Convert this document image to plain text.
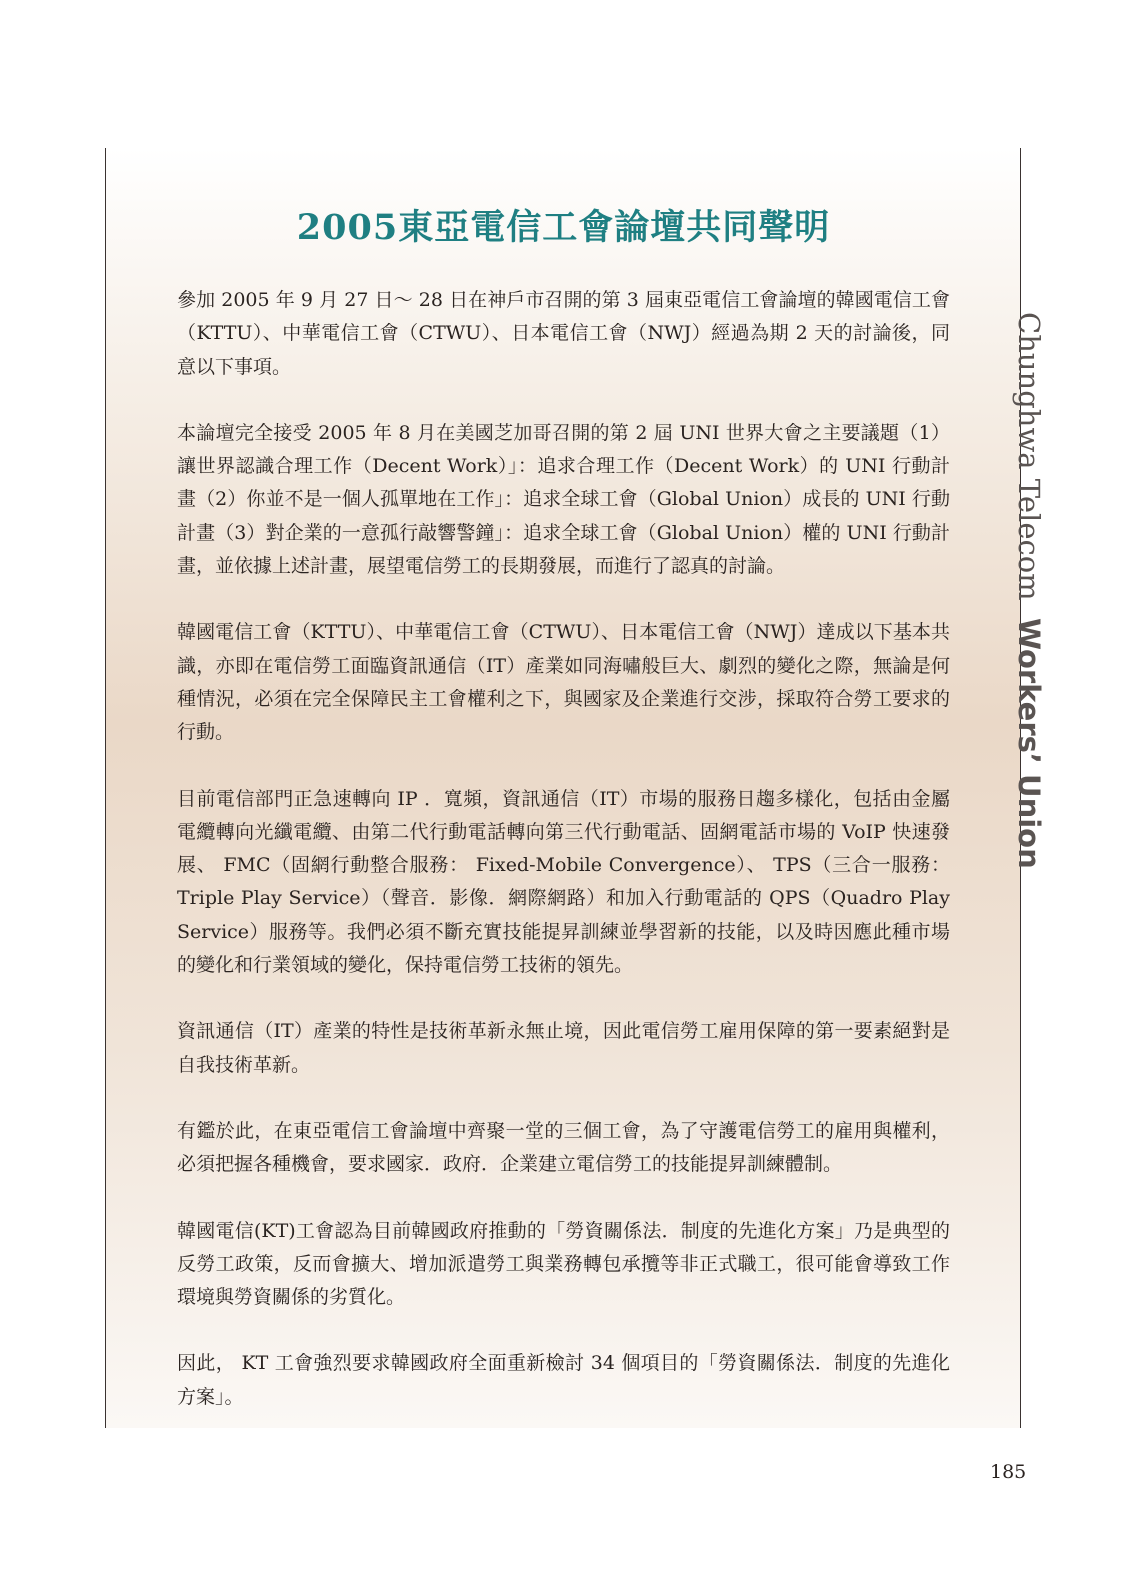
2005東亞電信工會論壇共同聲明

參加 2005 年 9 月 27 日～ 28 日在神戶市召開的第 3 屆東亞電信工會論壇的韓國電信工會（KTTU）、中華電信工會（CTWU）、日本電信工會（NWJ）經過為期 2 天的討論後，同意以下事項。

本論壇完全接受 2005 年 8 月在美國芝加哥召開的第 2 屆 UNI 世界大會之主要議題（1）讓世界認識合理工作（Decent Work）」：追求合理工作（Decent Work）的 UNI 行動計畫（2）你並不是一個人孤單地在工作」：追求全球工會（Global Union）成長的 UNI 行動計畫（3）對企業的一意孤行敲響警鐘」：追求全球工會（Global Union）權的 UNI 行動計畫，並依據上述計畫，展望電信勞工的長期發展，而進行了認真的討論。

韓國電信工會（KTTU）、中華電信工會（CTWU）、日本電信工會（NWJ）達成以下基本共識，亦即在電信勞工面臨資訊通信（IT）產業如同海嘯般巨大、劇烈的變化之際，無論是何種情況，必須在完全保障民主工會權利之下，與國家及企業進行交涉，採取符合勞工要求的行動。

目前電信部門正急速轉向 IP ．寬頻，資訊通信（IT）市場的服務日趨多樣化，包括由金屬電纜轉向光纖電纜、由第二代行動電話轉向第三代行動電話、固網電話市場的 VoIP 快速發展、 FMC（固網行動整合服務： Fixed-Mobile Convergence）、 TPS（三合一服務： Triple Play Service）（聲音．影像．網際網路）和加入行動電話的 QPS（Quadro Play Service）服務等。我們必須不斷充實技能提昇訓練並學習新的技能，以及時因應此種市場的變化和行業領域的變化，保持電信勞工技術的領先。

資訊通信（IT）產業的特性是技術革新永無止境，因此電信勞工雇用保障的第一要素絕對是自我技術革新。

有鑑於此，在東亞電信工會論壇中齊聚一堂的三個工會，為了守護電信勞工的雇用與權利，必須把握各種機會，要求國家．政府．企業建立電信勞工的技能提昇訓練體制。

韓國電信(KT)工會認為目前韓國政府推動的「勞資關係法．制度的先進化方案」乃是典型的反勞工政策，反而會擴大、增加派遣勞工與業務轉包承攬等非正式職工，很可能會導致工作環境與勞資關係的劣質化。

因此， KT 工會強烈要求韓國政府全面重新檢討 34 個項目的「勞資關係法．制度的先進化方案」。

Chunghwa Telecom Workers’ Union
185
